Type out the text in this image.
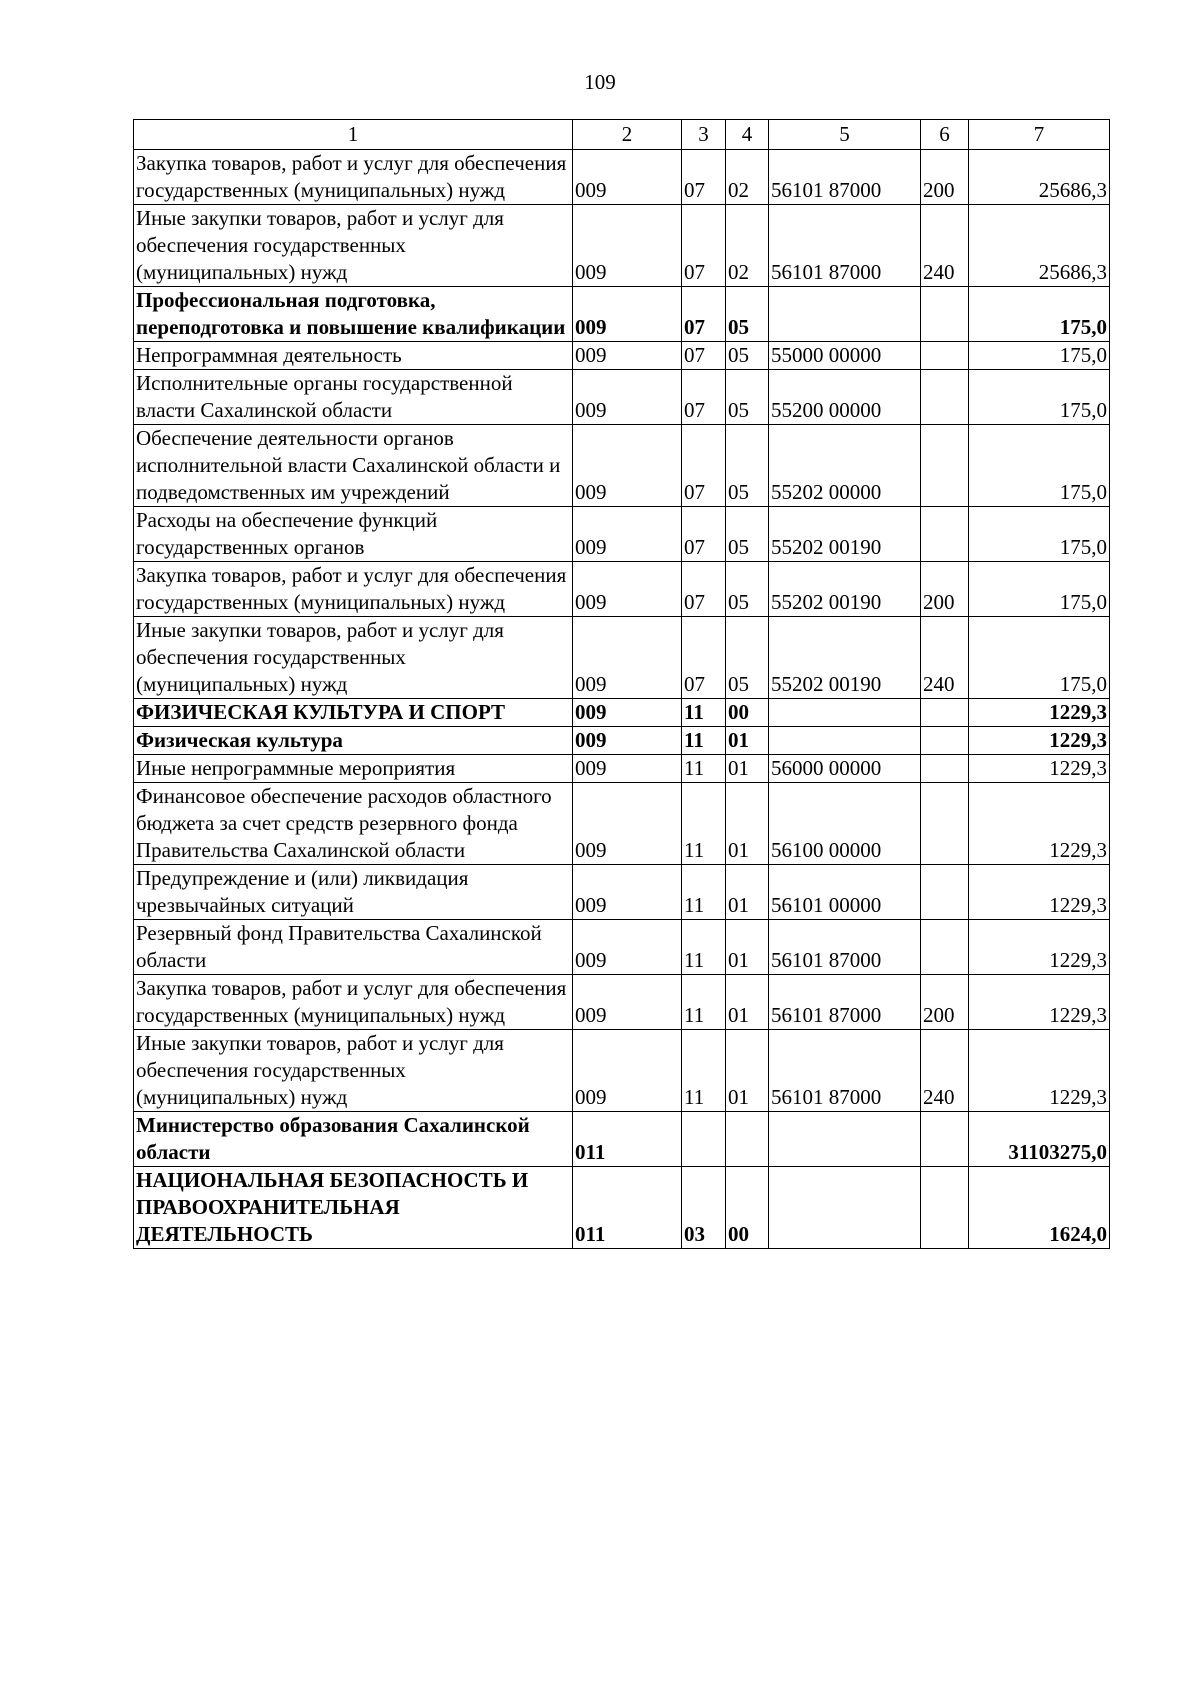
109
1	2	3	4	5	6	7
Закупка товаров, работ и услуг для обеспечения государственных (муниципальных) нужд	009	07	02	56101 87000	200	25686,3
Иные закупки товаров, работ и услуг для обеспечения государственных (муниципальных) нужд	009	07	02	56101 87000	240	25686,3
Профессиональная подготовка, переподготовка и повышение квалификации	009	07	05			175,0
Непрограммная деятельность	009	07	05	55000 00000		175,0
Исполнительные органы государственной власти Сахалинской области	009	07	05	55200 00000		175,0
Обеспечение деятельности органов исполнительной власти Сахалинской области и подведомственных им учреждений	009	07	05	55202 00000		175,0
Расходы на обеспечение функций государственных органов	009	07	05	55202 00190		175,0
Закупка товаров, работ и услуг для обеспечения государственных (муниципальных) нужд	009	07	05	55202 00190	200	175,0
Иные закупки товаров, работ и услуг для обеспечения государственных (муниципальных) нужд	009	07	05	55202 00190	240	175,0
ФИЗИЧЕСКАЯ КУЛЬТУРА И СПОРТ	009	11	00			1229,3
Физическая культура	009	11	01			1229,3
Иные непрограммные мероприятия	009	11	01	56000 00000		1229,3
Финансовое обеспечение расходов областного бюджета за счет средств резервного фонда Правительства Сахалинской области	009	11	01	56100 00000		1229,3
Предупреждение и (или) ликвидация чрезвычайных ситуаций	009	11	01	56101 00000		1229,3
Резервный фонд Правительства Сахалинской области	009	11	01	56101 87000		1229,3
Закупка товаров, работ и услуг для обеспечения государственных (муниципальных) нужд	009	11	01	56101 87000	200	1229,3
Иные закупки товаров, работ и услуг для обеспечения государственных (муниципальных) нужд	009	11	01	56101 87000	240	1229,3
Министерство образования Сахалинской области	011					31103275,0
НАЦИОНАЛЬНАЯ БЕЗОПАСНОСТЬ И ПРАВООХРАНИТЕЛЬНАЯ ДЕЯТЕЛЬНОСТЬ	011	03	00			1624,0
